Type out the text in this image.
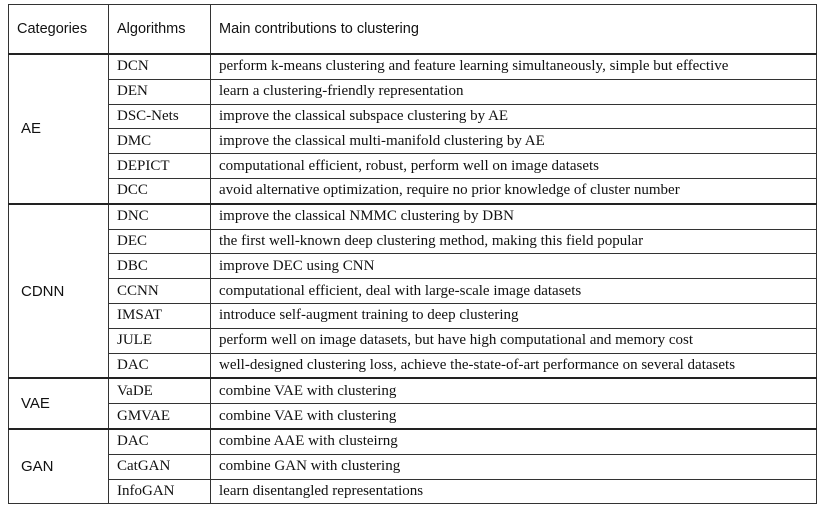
Categories	Algorithms	Main contributions to clustering
AE	DCN	perform k-means clustering and feature learning simultaneously, simple but effective
	DEN	learn a clustering-friendly representation
	DSC-Nets	improve the classical subspace clustering by AE
	DMC	improve the classical multi-manifold clustering by AE
	DEPICT	computational efficient, robust, perform well on image datasets
	DCC	avoid alternative optimization, require no prior knowledge of cluster number
CDNN	DNC	improve the classical NMMC clustering by DBN
	DEC	the first well-known deep clustering method, making this field popular
	DBC	improve DEC using CNN
	CCNN	computational efficient, deal with large-scale image datasets
	IMSAT	introduce self-augment training to deep clustering
	JULE	perform well on image datasets, but have high computational and memory cost
	DAC	well-designed clustering loss, achieve the-state-of-art performance on several datasets
VAE	VaDE	combine VAE with clustering
	GMVAE	combine VAE with clustering
GAN	DAC	combine AAE with clusteirng
	CatGAN	combine GAN with clustering
	InfoGAN	learn disentangled representations
